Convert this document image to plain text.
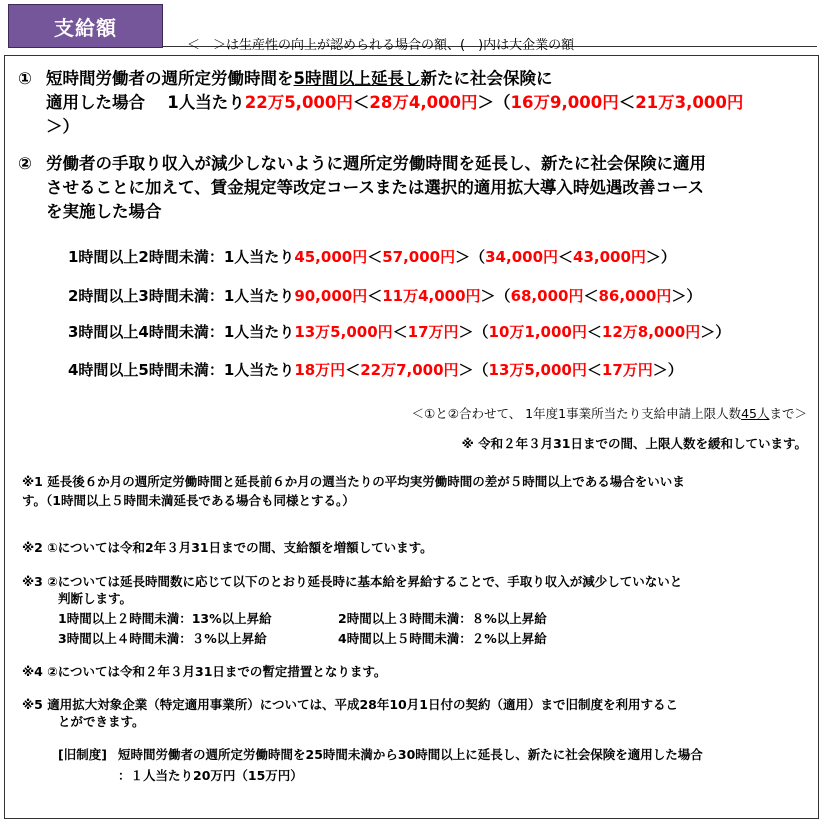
支給額
＜　＞は生産性の向上が認められる場合の額、(　)内は大企業の額
① 短時間労働者の週所定労働時間を5時間以上延長し新たに社会保険に
適用した場合　 1人当たり22万5,000円＜28万4,000円＞（16万9,000円＜21万3,000円
＞）
② 労働者の手取り収入が減少しないように週所定労働時間を延長し、新たに社会保険に適用
させることに加えて、賃金規定等改定コースまたは選択的適用拡大導入時処遇改善コース
を実施した場合
1時間以上2時間未満：1人当たり45,000円＜57,000円＞（34,000円＜43,000円＞）
2時間以上3時間未満：1人当たり90,000円＜11万4,000円＞（68,000円＜86,000円＞）
3時間以上4時間未満：1人当たり13万5,000円＜17万円＞（10万1,000円＜12万8,000円＞）
4時間以上5時間未満：1人当たり18万円＜22万7,000円＞（13万5,000円＜17万円＞）
＜①と②合わせて、 1年度1事業所当たり支給申請上限人数45人まで＞
※ 令和２年３月31日までの間、上限人数を緩和しています。
※1 延長後６か月の週所定労働時間と延長前６か月の週当たりの平均実労働時間の差が５時間以上である場合をいいま
す。（1時間以上５時間未満延長である場合も同様とする。）
※2 ①については令和2年３月31日までの間、支給額を増額しています。
※3 ②については延長時間数に応じて以下のとおり延長時に基本給を昇給することで、手取り収入が減少していないと
判断します。
1時間以上２時間未満：13%以上昇給	2時間以上３時間未満：８%以上昇給
3時間以上４時間未満：３%以上昇給	4時間以上５時間未満：２%以上昇給
※4 ②については令和２年３月31日までの暫定措置となります。
※5 適用拡大対象企業（特定適用事業所）については、平成28年10月1日付の契約（適用）まで旧制度を利用するこ
とができます。
[旧制度] 短時間労働者の週所定労働時間を25時間未満から30時間以上に延長し、新たに社会保険を適用した場合
：１人当たり20万円（15万円）
